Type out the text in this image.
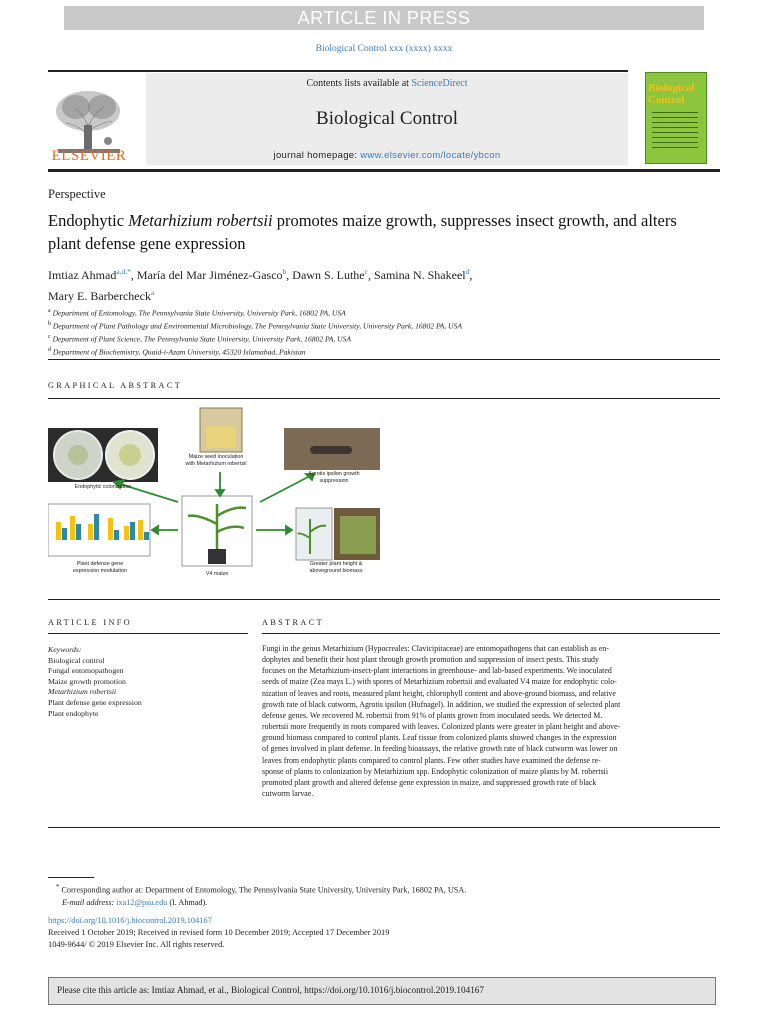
ARTICLE IN PRESS
Biological Control xxx (xxxx) xxxx
Contents lists available at ScienceDirect
Biological Control
journal homepage: www.elsevier.com/locate/ybcon
ELSEVIER
Biological
Control
Perspective
Endophytic Metarhizium robertsii promotes maize growth, suppresses insect growth, and alters plant defense gene expression
Imtiaz Ahmad$^{a,d,*}$, María del Mar Jiménez-Gasco$^b$, Dawn S. Luthe$^c$, Samina N. Shakeel$^d$,
Mary E. Barbercheck$^a$
$^a$ Department of Entomology, The Pennsylvania State University, University Park, 16802 PA, USA
$^b$ Department of Plant Pathology and Environmental Microbiology, The Pennsylvania State University, University Park, 16802 PA, USA
$^c$ Department of Plant Science, The Pennsylvania State University, University Park, 16802 PA, USA
$^d$ Department of Biochemistry, Quaid-i-Azam University, 45320 Islamabad, Pakistan
GRAPHICAL ABSTRACT
Endophytic colonization
Maize seed inoculation
with Metarhizium robertsii
Agrotis ipsilon growth
suppression
Plant defense gene
expression modulation	V4 maize
Greater plant height &
aboveground biomass
ARTICLE INFO
Keywords:
Biological control
Fungal entomopathogen
Maize growth promotion
Metarhizium robertsii
Plant defense gene expression
Plant endophyte
ABSTRACT
Fungi in the genus Metarhizium (Hypocreales: Clavicipitaceae) are entomopathogens that can establish as en-
dophytes and benefit their host plant through growth promotion and suppression of insect pests. This study
focuses on the Metarhizium-insect-plant interactions in greenhouse- and lab-based experiments. We inoculated
seeds of maize (Zea mays L.) with spores of Metarhizium robertsii and evaluated V4 maize for endophytic colo-
nization of leaves and roots, measured plant height, chlorophyll content and above-ground biomass, and relative
growth rate of black cutworm, Agrotis ipsilon (Hufnagel). In addition, we studied the expression of selected plant
defense genes. We recovered M. robertsii from 91% of plants grown from inoculated seeds. We detected M.
robertsii more frequently in roots compared with leaves. Colonized plants were greater in plant height and above-
ground biomass compared to control plants. Leaf tissue from colonized plants showed changes in the expression
of genes involved in plant defense. In feeding bioassays, the relative growth rate of black cutworm was lower on
leaves from endophytic plants compared to control plants. Few other studies have examined the defense re-
sponse of plants to colonization by Metarhizium spp. Endophytic colonization of maize plants by M. robertsii
promoted plant growth and altered defense gene expression in maize, and suppressed growth rate of black
cutworm larvae.
* Corresponding author at: Department of Entomology, The Pennsylvania State University, University Park, 16802 PA, USA.
E-mail address: ixa12@psu.edu (I. Ahmad).
https://doi.org/10.1016/j.biocontrol.2019.104167
Received 1 October 2019; Received in revised form 10 December 2019; Accepted 17 December 2019
1049-9644/ © 2019 Elsevier Inc. All rights reserved.
Please cite this article as: Imtiaz Ahmad, et al., Biological Control, https://doi.org/10.1016/j.biocontrol.2019.104167
